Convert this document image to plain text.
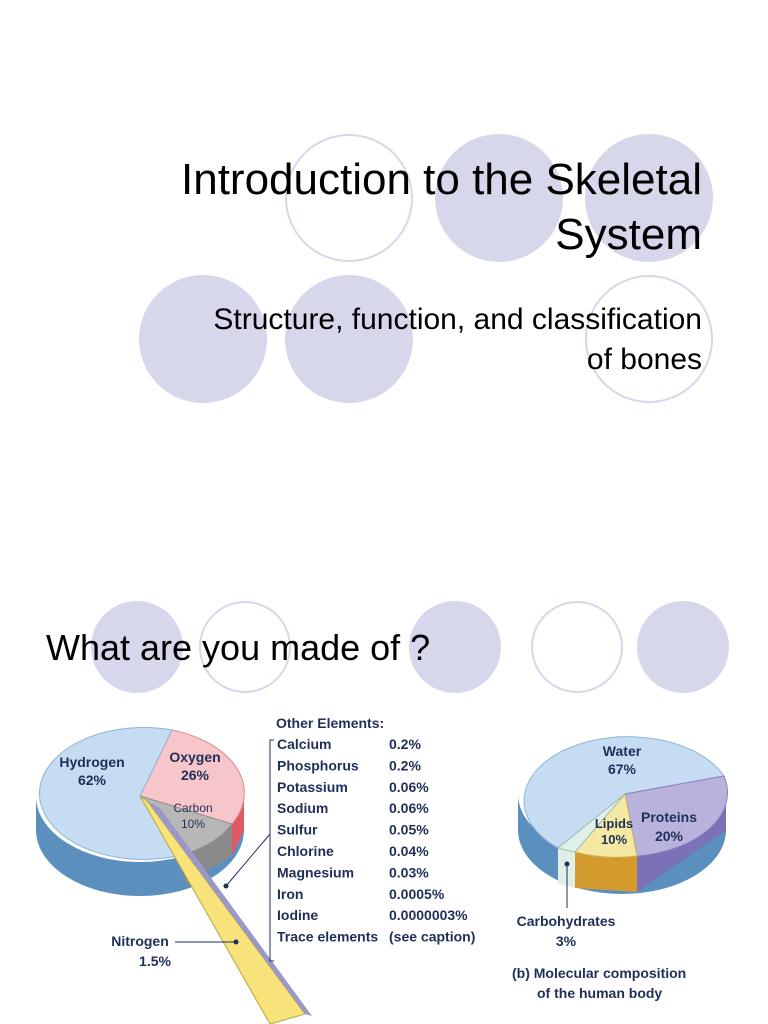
Introduction to the Skeletal System

Structure, function, and classification of bones

What are you made of ?
Hydrogen
62%
Oxygen
26%
Carbon
10%
Nitrogen
1.5%
Other Elements:
Calcium	0.2%
Phosphorus 0.2%
Potassium	0.06%
Sodium	0.06%
Sulfur	0.05%
Chlorine	0.04%
Magnesium 0.03%
Iron	0.0005%
Iodine	0.0000003%
Trace elements (see caption)
Water
67%
Proteins
20%
Lipids
10%
Carbohydrates
3%
(b) Molecular composition
of the human body
